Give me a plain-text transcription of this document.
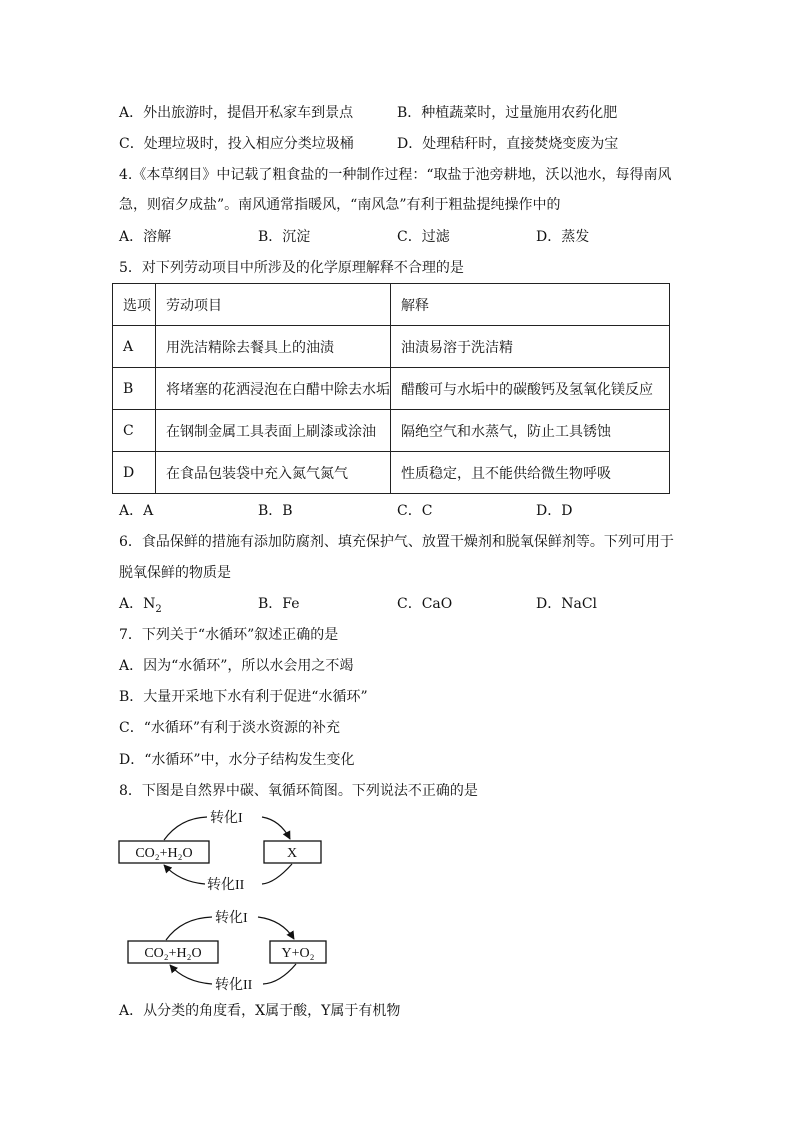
A．外出旅游时，提倡开私家车到景点	B．种植蔬菜时，过量施用农药化肥
C．处理垃圾时，投入相应分类垃圾桶	D．处理秸秆时，直接焚烧变废为宝
4.《本草纲目》中记载了粗食盐的一种制作过程：“取盐于池旁耕地，沃以池水，每得南风
急，则宿夕成盐”。南风通常指暖风，“南风急”有利于粗盐提纯操作中的
A．溶解	B．沉淀	C．过滤	D．蒸发
5．对下列劳动项目中所涉及的化学原理解释不合理的是
选项	劳动项目	解释
A	用洗洁精除去餐具上的油渍	油渍易溶于洗洁精
B	将堵塞的花洒浸泡在白醋中除去水垢	醋酸可与水垢中的碳酸钙及氢氧化镁反应
C	在钢制金属工具表面上刷漆或涂油	隔绝空气和水蒸气，防止工具锈蚀
D	在食品包装袋中充入氮气氮气	性质稳定，且不能供给微生物呼吸
A．A	B．B	C．C	D．D
6．食品保鲜的措施有添加防腐剂、填充保护气、放置干燥剂和脱氧保鲜剂等。下列可用于
脱氧保鲜的物质是
A．$N_2$	B．Fe	C．CaO	D．NaCl
7．下列关于“水循环”叙述正确的是
A．因为“水循环”，所以水会用之不竭
B．大量开采地下水有利于促进“水循环”
C．“水循环”有利于淡水资源的补充
D．“水循环”中，水分子结构发生变化
8．下图是自然界中碳、氧循环简图。下列说法不正确的是
CO₂+H₂O	X
转化I
转化II
CO₂+H₂O	Y+O₂
转化I
转化II
A．从分类的角度看，X属于酸，Y属于有机物
